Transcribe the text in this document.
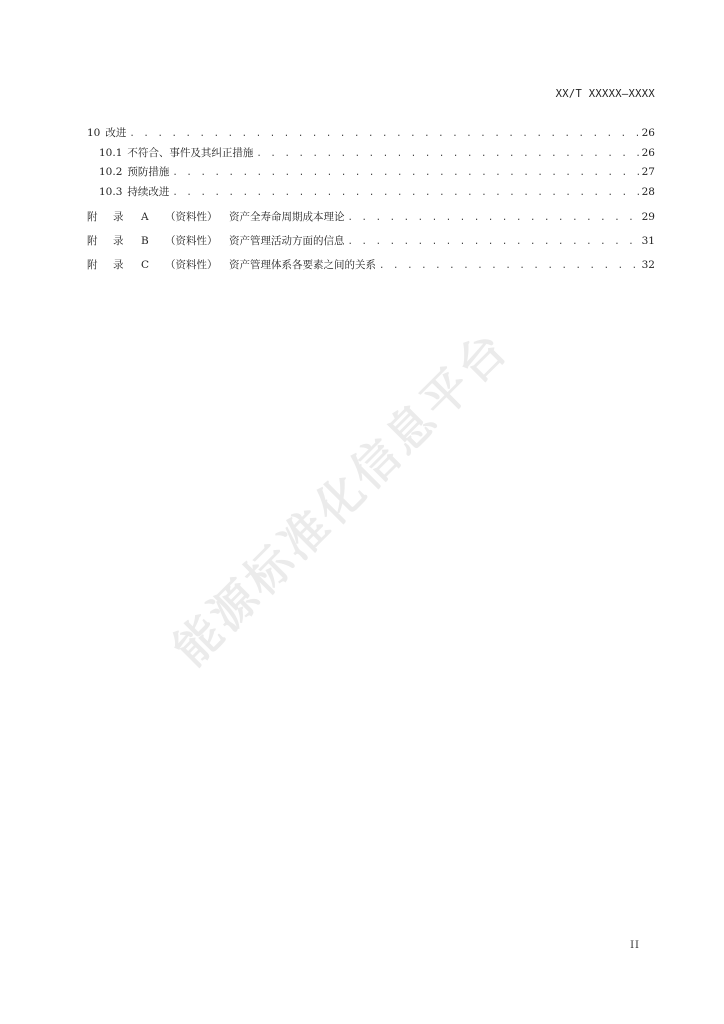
XX/T XXXXX—XXXX
10 改进 . . .	26
10.1 不符合、事件及其纠正措施 . . .	26
10.2 预防措施 . . .	27
10.3 持续改进 . . .	28
附	录	A	（资料性）	资产全寿命周期成本理论 . . .	29
附	录	B	（资料性）	资产管理活动方面的信息 . . .	31
附	录	C	（资料性）	资产管理体系各要素之间的关系 . . .	32
能源标准化信息平台
II
